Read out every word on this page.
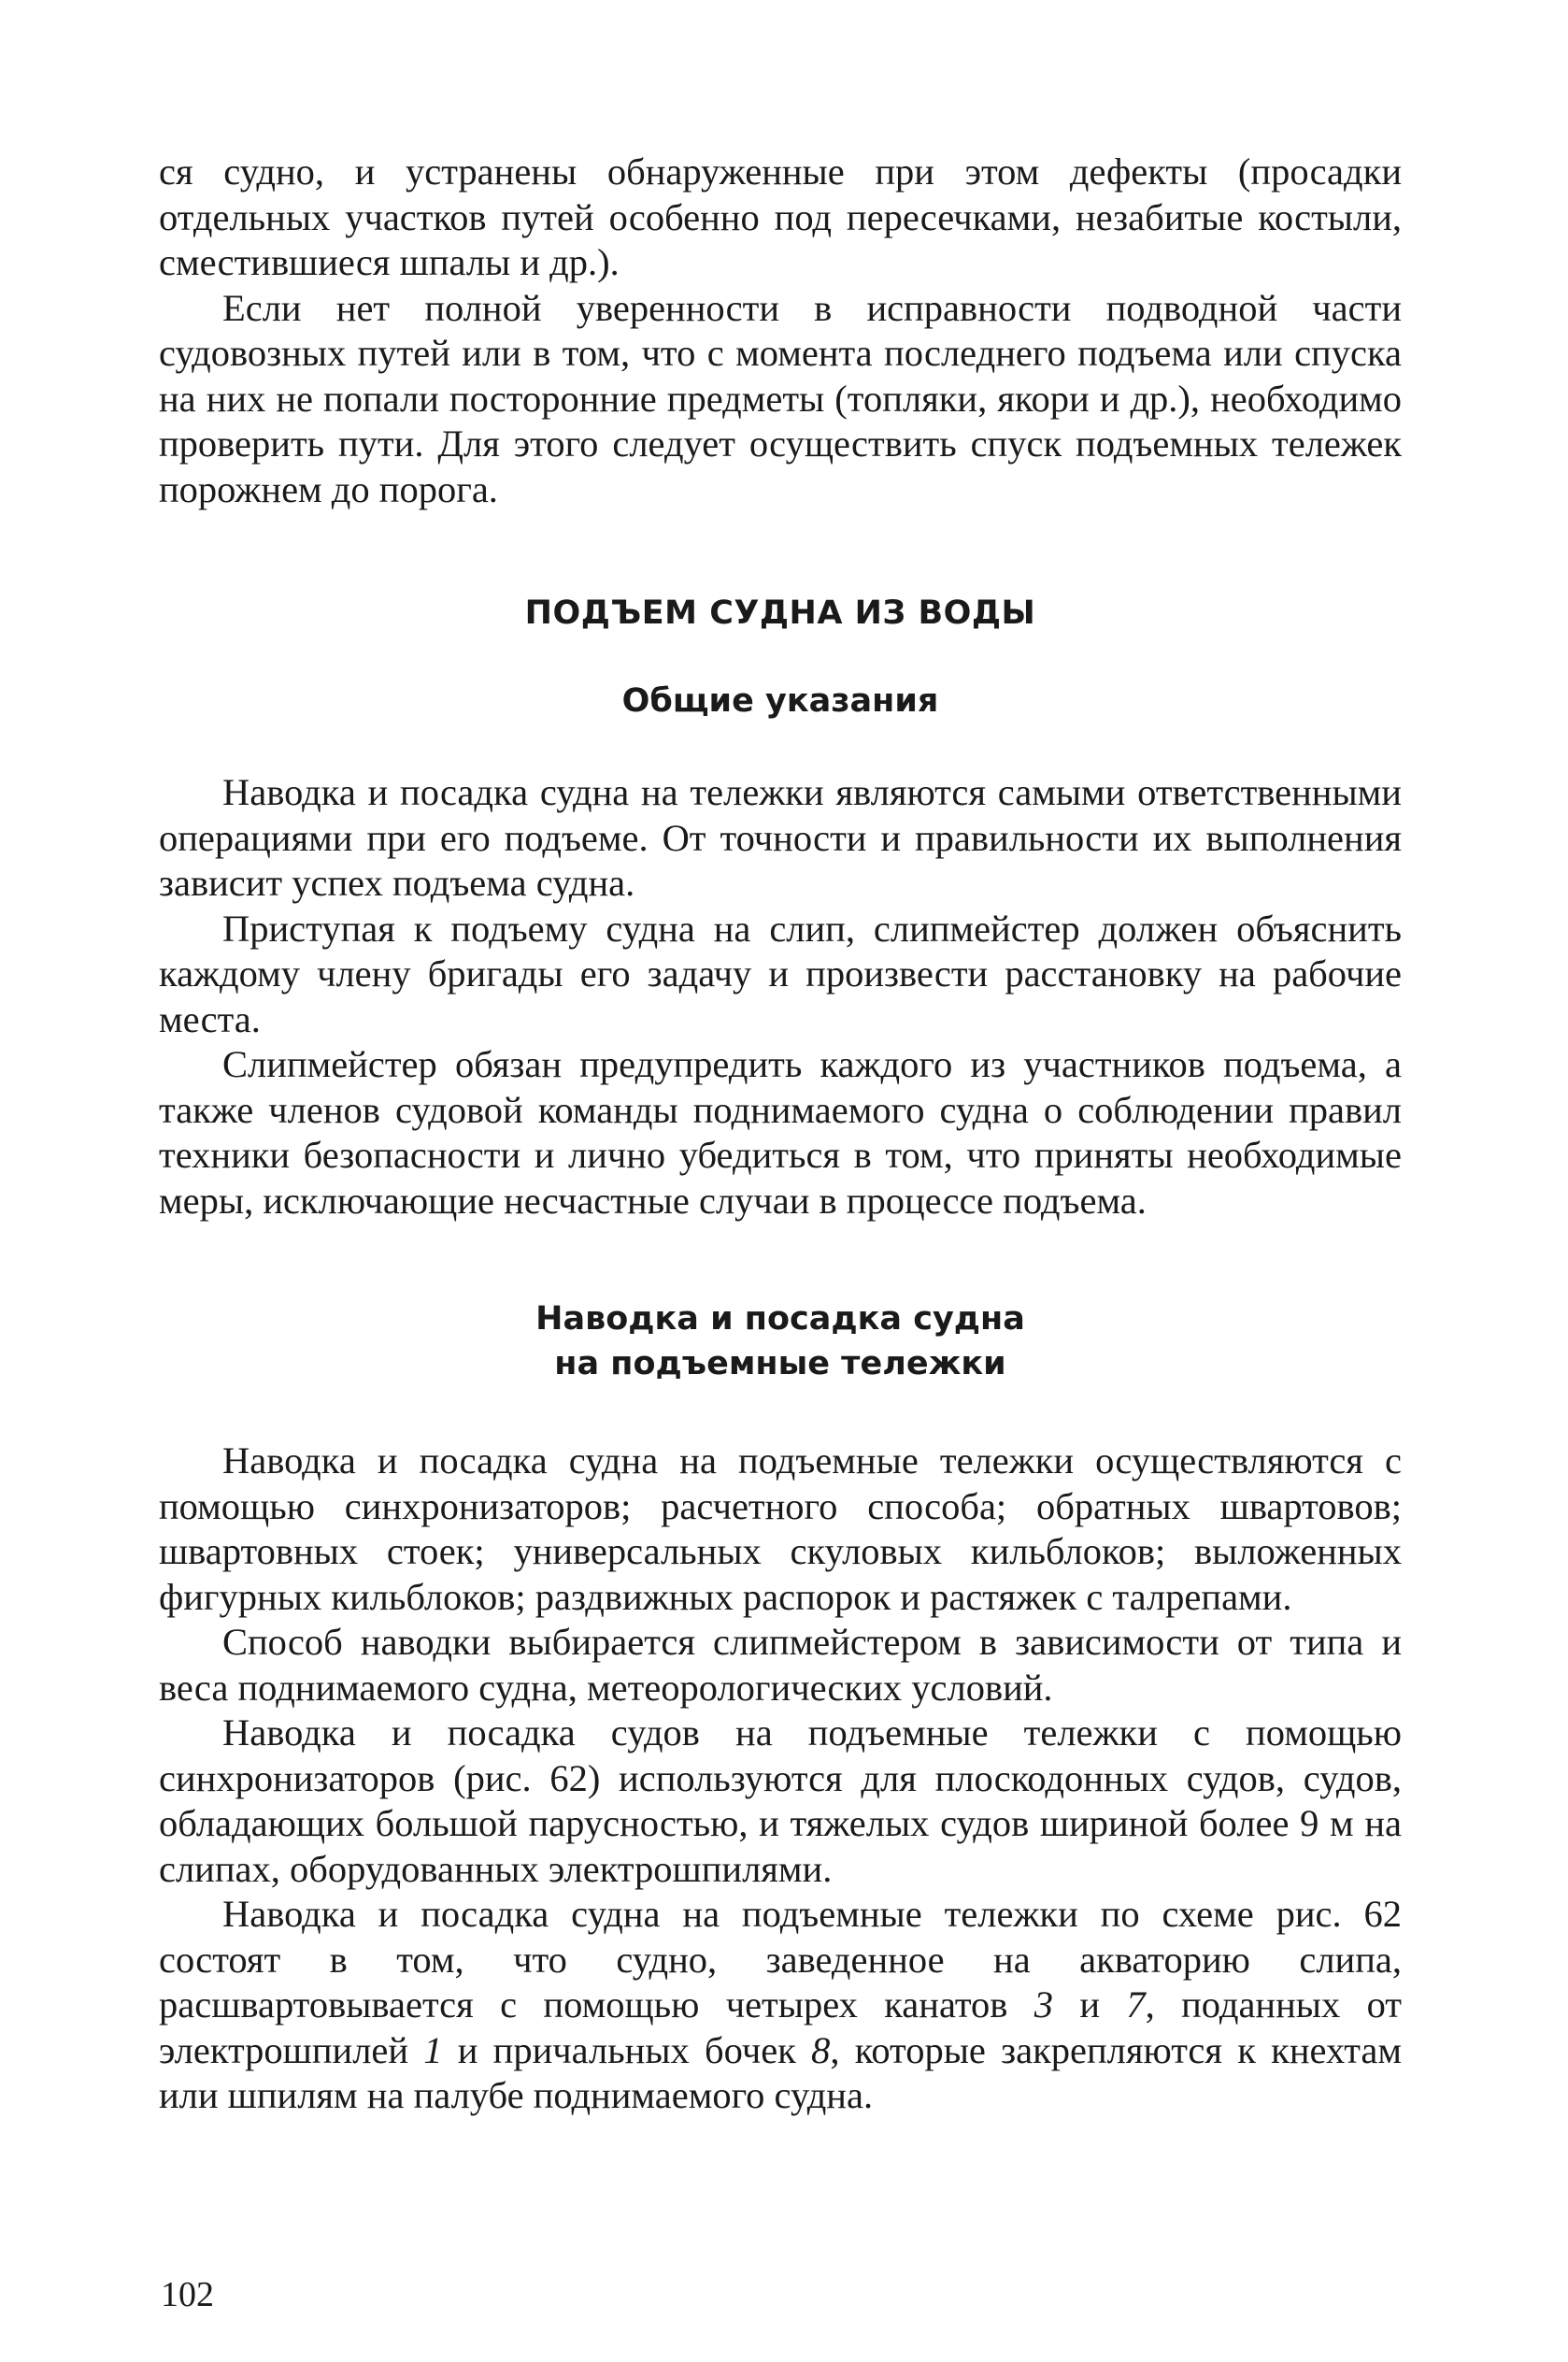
ся судно, и устранены обнаруженные при этом дефекты (просадки отдельных участков путей особенно под пересечками, незабитые костыли, сместившиеся шпалы и др.).

Если нет полной уверенности в исправности подводной части судовозных путей или в том, что с момента последнего подъема или спуска на них не попали посторонние предметы (топляки, якори и др.), необходимо проверить пути. Для этого следует осуществить спуск подъемных тележек порожнем до порога.

ПОДЪЕМ СУДНА ИЗ ВОДЫ
Общие указания

Наводка и посадка судна на тележки являются самыми ответственными операциями при его подъеме. От точности и правильности их выполнения зависит успех подъема судна.

Приступая к подъему судна на слип, слипмейстер должен объяснить каждому члену бригады его задачу и произвести расстановку на рабочие места.

Слипмейстер обязан предупредить каждого из участников подъема, а также членов судовой команды поднимаемого судна о соблюдении правил техники безопасности и лично убедиться в том, что приняты необходимые меры, исключающие несчастные случаи в процессе подъема.

Наводка и посадка судна
на подъемные тележки

Наводка и посадка судна на подъемные тележки осуществляются с помощью синхронизаторов; расчетного способа; обратных швартовов; швартовных стоек; универсальных скуловых кильблоков; выложенных фигурных кильблоков; раздвижных распорок и растяжек с талрепами.

Способ наводки выбирается слипмейстером в зависимости от типа и веса поднимаемого судна, метеорологических условий.

Наводка и посадка судов на подъемные тележки с помощью синхронизаторов (рис. 62) используются для плоскодонных судов, судов, обладающих большой парусностью, и тяжелых судов шириной более 9 м на слипах, оборудованных электрошпилями.

Наводка и посадка судна на подъемные тележки по схеме рис. 62 состоят в том, что судно, заведенное на акваторию слипа, расшвартовывается с помощью четырех канатов 3 и 7, поданных от электрошпилей 1 и причальных бочек 8, которые закрепляются к кнехтам или шпилям на палубе поднимаемого судна.

102
